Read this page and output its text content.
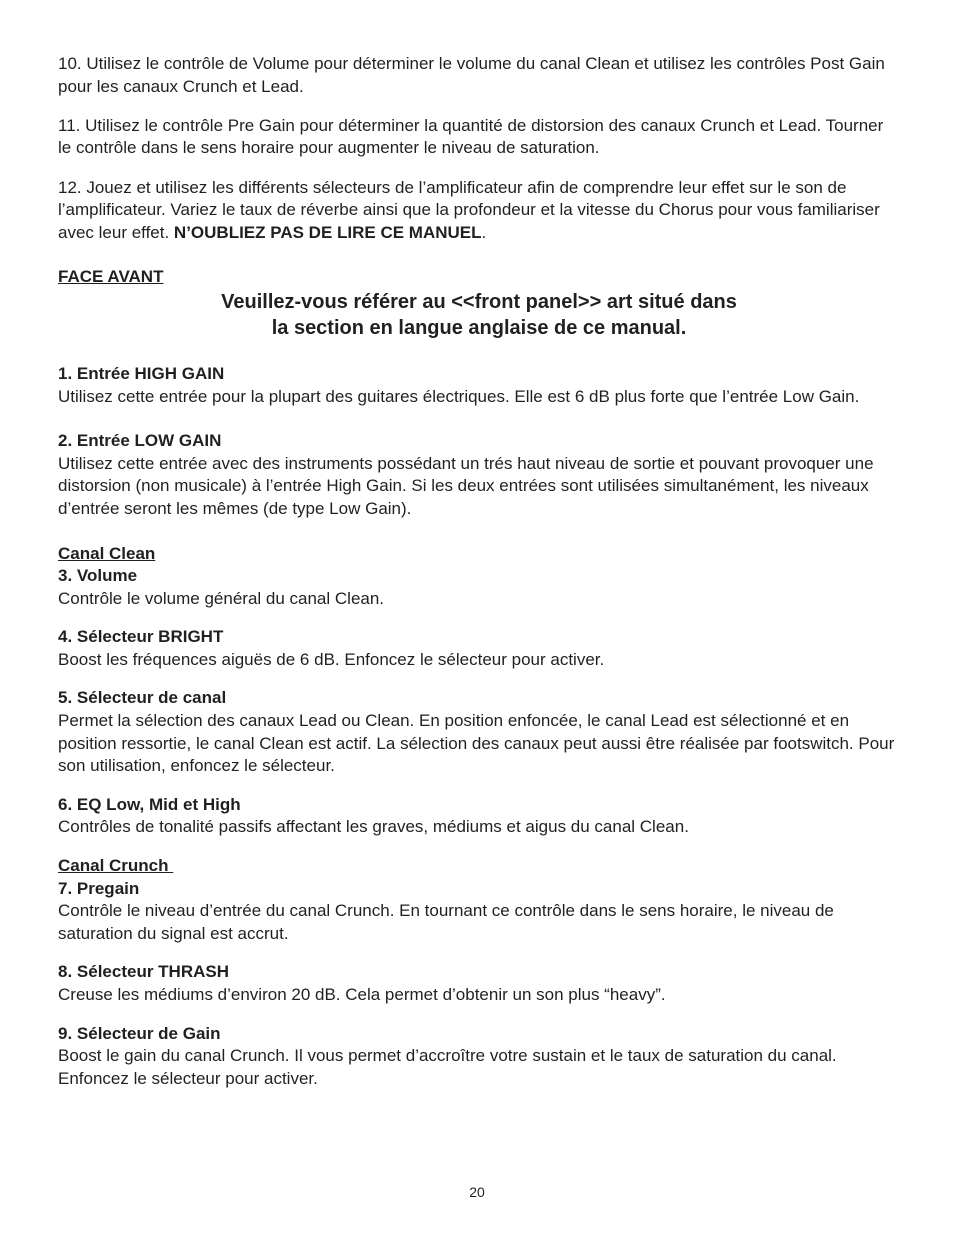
10. Utilisez le contrôle de Volume pour déterminer le volume du canal Clean et utilisez les contrôles Post Gain pour les canaux Crunch et Lead.

11. Utilisez le contrôle Pre Gain pour déterminer la quantité de distorsion des canaux Crunch et Lead. Tourner le contrôle dans le sens horaire pour augmenter le niveau de saturation.

12. Jouez et utilisez les différents sélecteurs de l’amplificateur afin de comprendre leur effet sur le son de l’amplificateur. Variez le taux de réverbe ainsi que la profondeur et la vitesse du Chorus pour vous familiariser avec leur effet. N’OUBLIEZ PAS DE LIRE CE MANUEL.

FACE AVANT

Veuillez-vous référer au <<front panel>> art situé dans
la section en langue anglaise de ce manual.
1. Entrée HIGH GAIN
Utilisez cette entrée pour la plupart des guitares électriques. Elle est 6 dB plus forte que l’entrée Low Gain.
2. Entrée LOW GAIN
Utilisez cette entrée avec des instruments possédant un trés haut niveau de sortie et pouvant provoquer une distorsion (non musicale) à l’entrée High Gain. Si les deux entrées sont utilisées simultanément, les niveaux d’entrée seront les mêmes (de type Low Gain).
Canal Clean
3. Volume
Contrôle le volume général du canal Clean.
4. Sélecteur BRIGHT
Boost les fréquences aiguës de 6 dB. Enfoncez le sélecteur pour activer.
5. Sélecteur de canal
Permet la sélection des canaux Lead ou Clean. En position enfoncée, le canal Lead est sélectionné et en position ressortie, le canal Clean est actif. La sélection des canaux peut aussi être réalisée par footswitch. Pour son utilisation, enfoncez le sélecteur.
6. EQ Low, Mid et High
Contrôles de tonalité passifs affectant les graves, médiums et aigus du canal Clean.
Canal Crunch
7. Pregain
Contrôle le niveau d’entrée du canal Crunch. En tournant ce contrôle dans le sens horaire, le niveau de saturation du signal est accrut.
8. Sélecteur THRASH
Creuse les médiums d’environ 20 dB. Cela permet d’obtenir un son plus “heavy”.
9. Sélecteur de Gain
Boost le gain du canal Crunch. Il vous permet d’accroître votre sustain et le taux de saturation du canal. Enfoncez le sélecteur pour activer.
20
